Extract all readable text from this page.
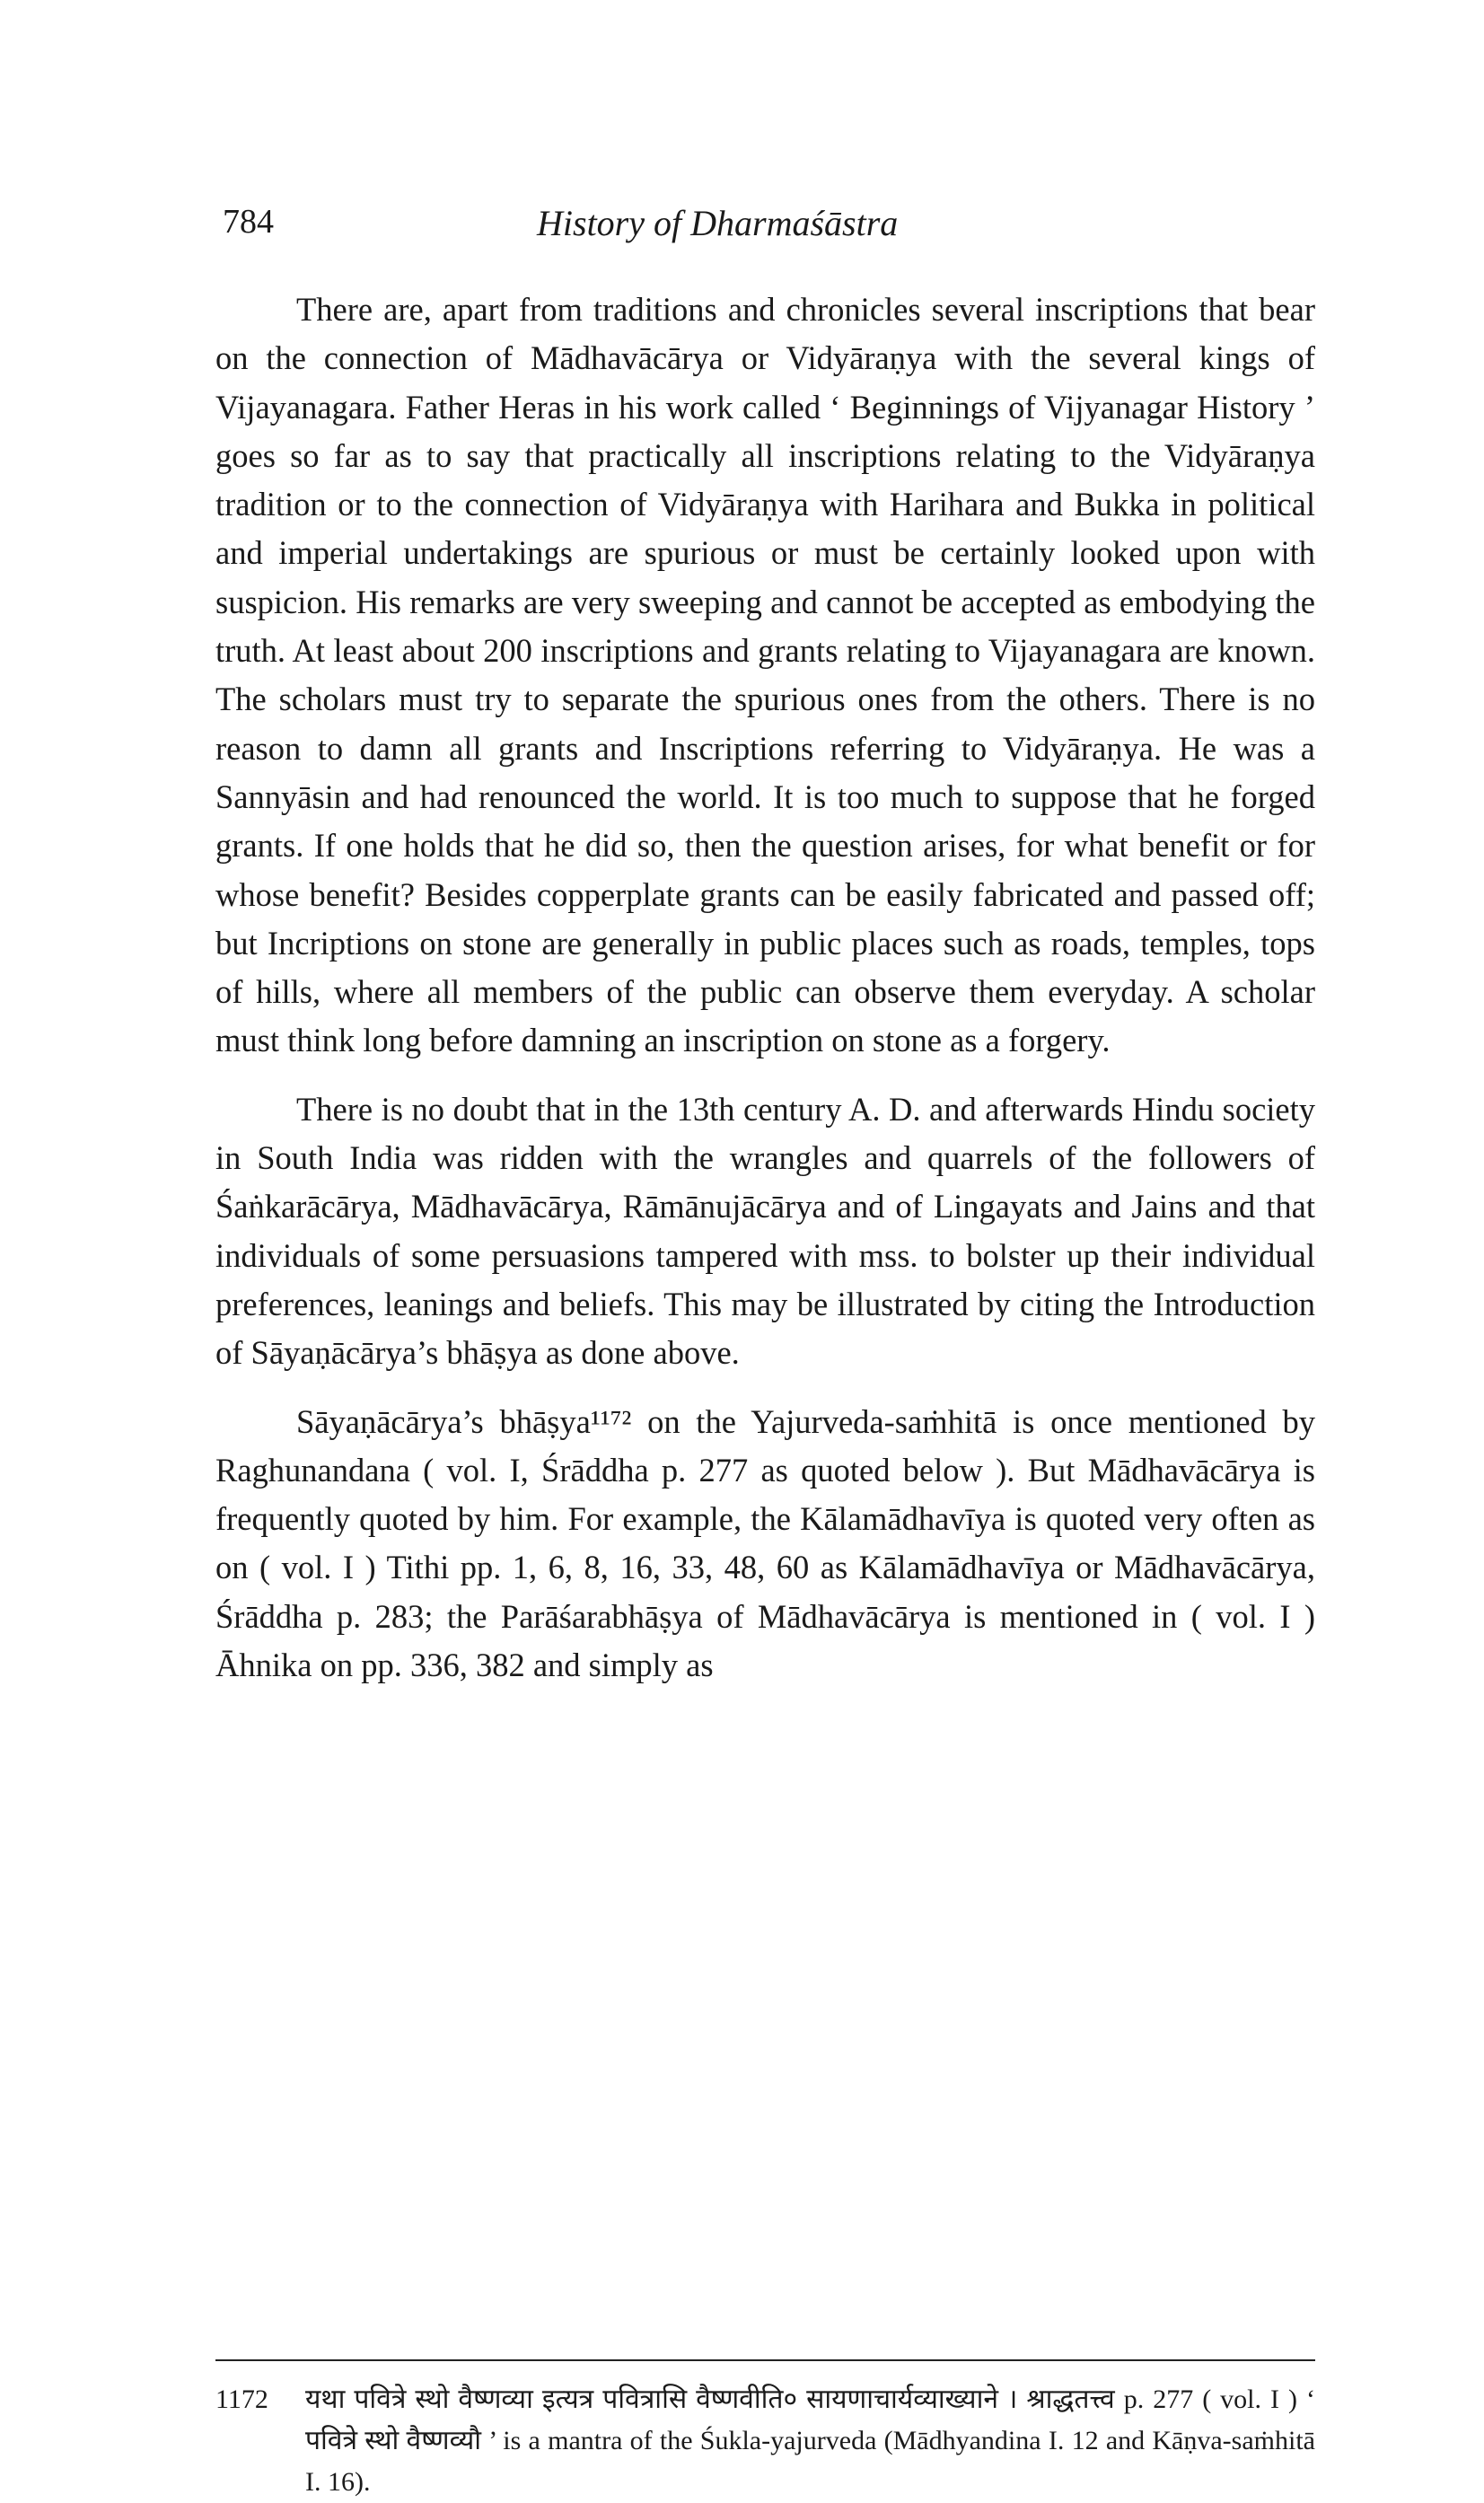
784	History of Dharmaśāstra

There are, apart from traditions and chronicles several inscriptions that bear on the connection of Mādhavācārya or Vidyāraṇya with the several kings of Vijayanagara. Father Heras in his work called ‘ Beginnings of Vijyanagar History ’ goes so far as to say that practically all inscriptions relating to the Vidyāraṇya tradition or to the connection of Vidyāraṇya with Harihara and Bukka in political and imperial undertakings are spurious or must be certainly looked upon with suspicion. His remarks are very sweeping and cannot be accepted as embodying the truth. At least about 200 inscriptions and grants relating to Vijayanagara are known. The scholars must try to separate the spurious ones from the others. There is no reason to damn all grants and Inscriptions referring to Vidyāraṇya. He was a Sannyāsin and had renounced the world. It is too much to suppose that he forged grants. If one holds that he did so, then the question arises, for what benefit or for whose benefit? Besides copperplate grants can be easily fabricated and passed off; but Incriptions on stone are generally in public places such as roads, temples, tops of hills, where all members of the public can observe them everyday. A scholar must think long before damning an inscription on stone as a forgery.

There is no doubt that in the 13th century A. D. and afterwards Hindu society in South India was ridden with the wrangles and quarrels of the followers of Śaṅkarācārya, Mādhavācārya, Rāmānujācārya and of Lingayats and Jains and that individuals of some persuasions tampered with mss. to bolster up their individual preferences, leanings and beliefs. This may be illustrated by citing the Introduction of Sāyaṇācārya’s bhāṣya as done above.

Sāyaṇācārya’s bhāṣya¹¹⁷² on the Yajurveda-saṁhitā is once mentioned by Raghunandana ( vol. I, Śrāddha p. 277 as quoted below ). But Mādhavācārya is frequently quoted by him. For example, the Kālamādhavīya is quoted very often as on ( vol. I ) Tithi pp. 1, 6, 8, 16, 33, 48, 60 as Kālamādhavīya or Mādhavācārya, Śrāddha p. 283; the Parāśarabhāṣya of Mādhavācārya is mentioned in ( vol. I ) Āhnika on pp. 336, 382 and simply as

1172	यथा पवित्रे स्थो वैष्णव्या इत्यत्र पवित्रासि वैष्णवीति० सायणाचार्यव्याख्याने । श्राद्धतत्त्व p. 277 ( vol. I ) ‘ पवित्रे स्थो वैष्णव्यौ ’ is a mantra of the Śukla-yajurveda (Mādhyandina I. 12 and Kāṇva-saṁhitā I. 16).
